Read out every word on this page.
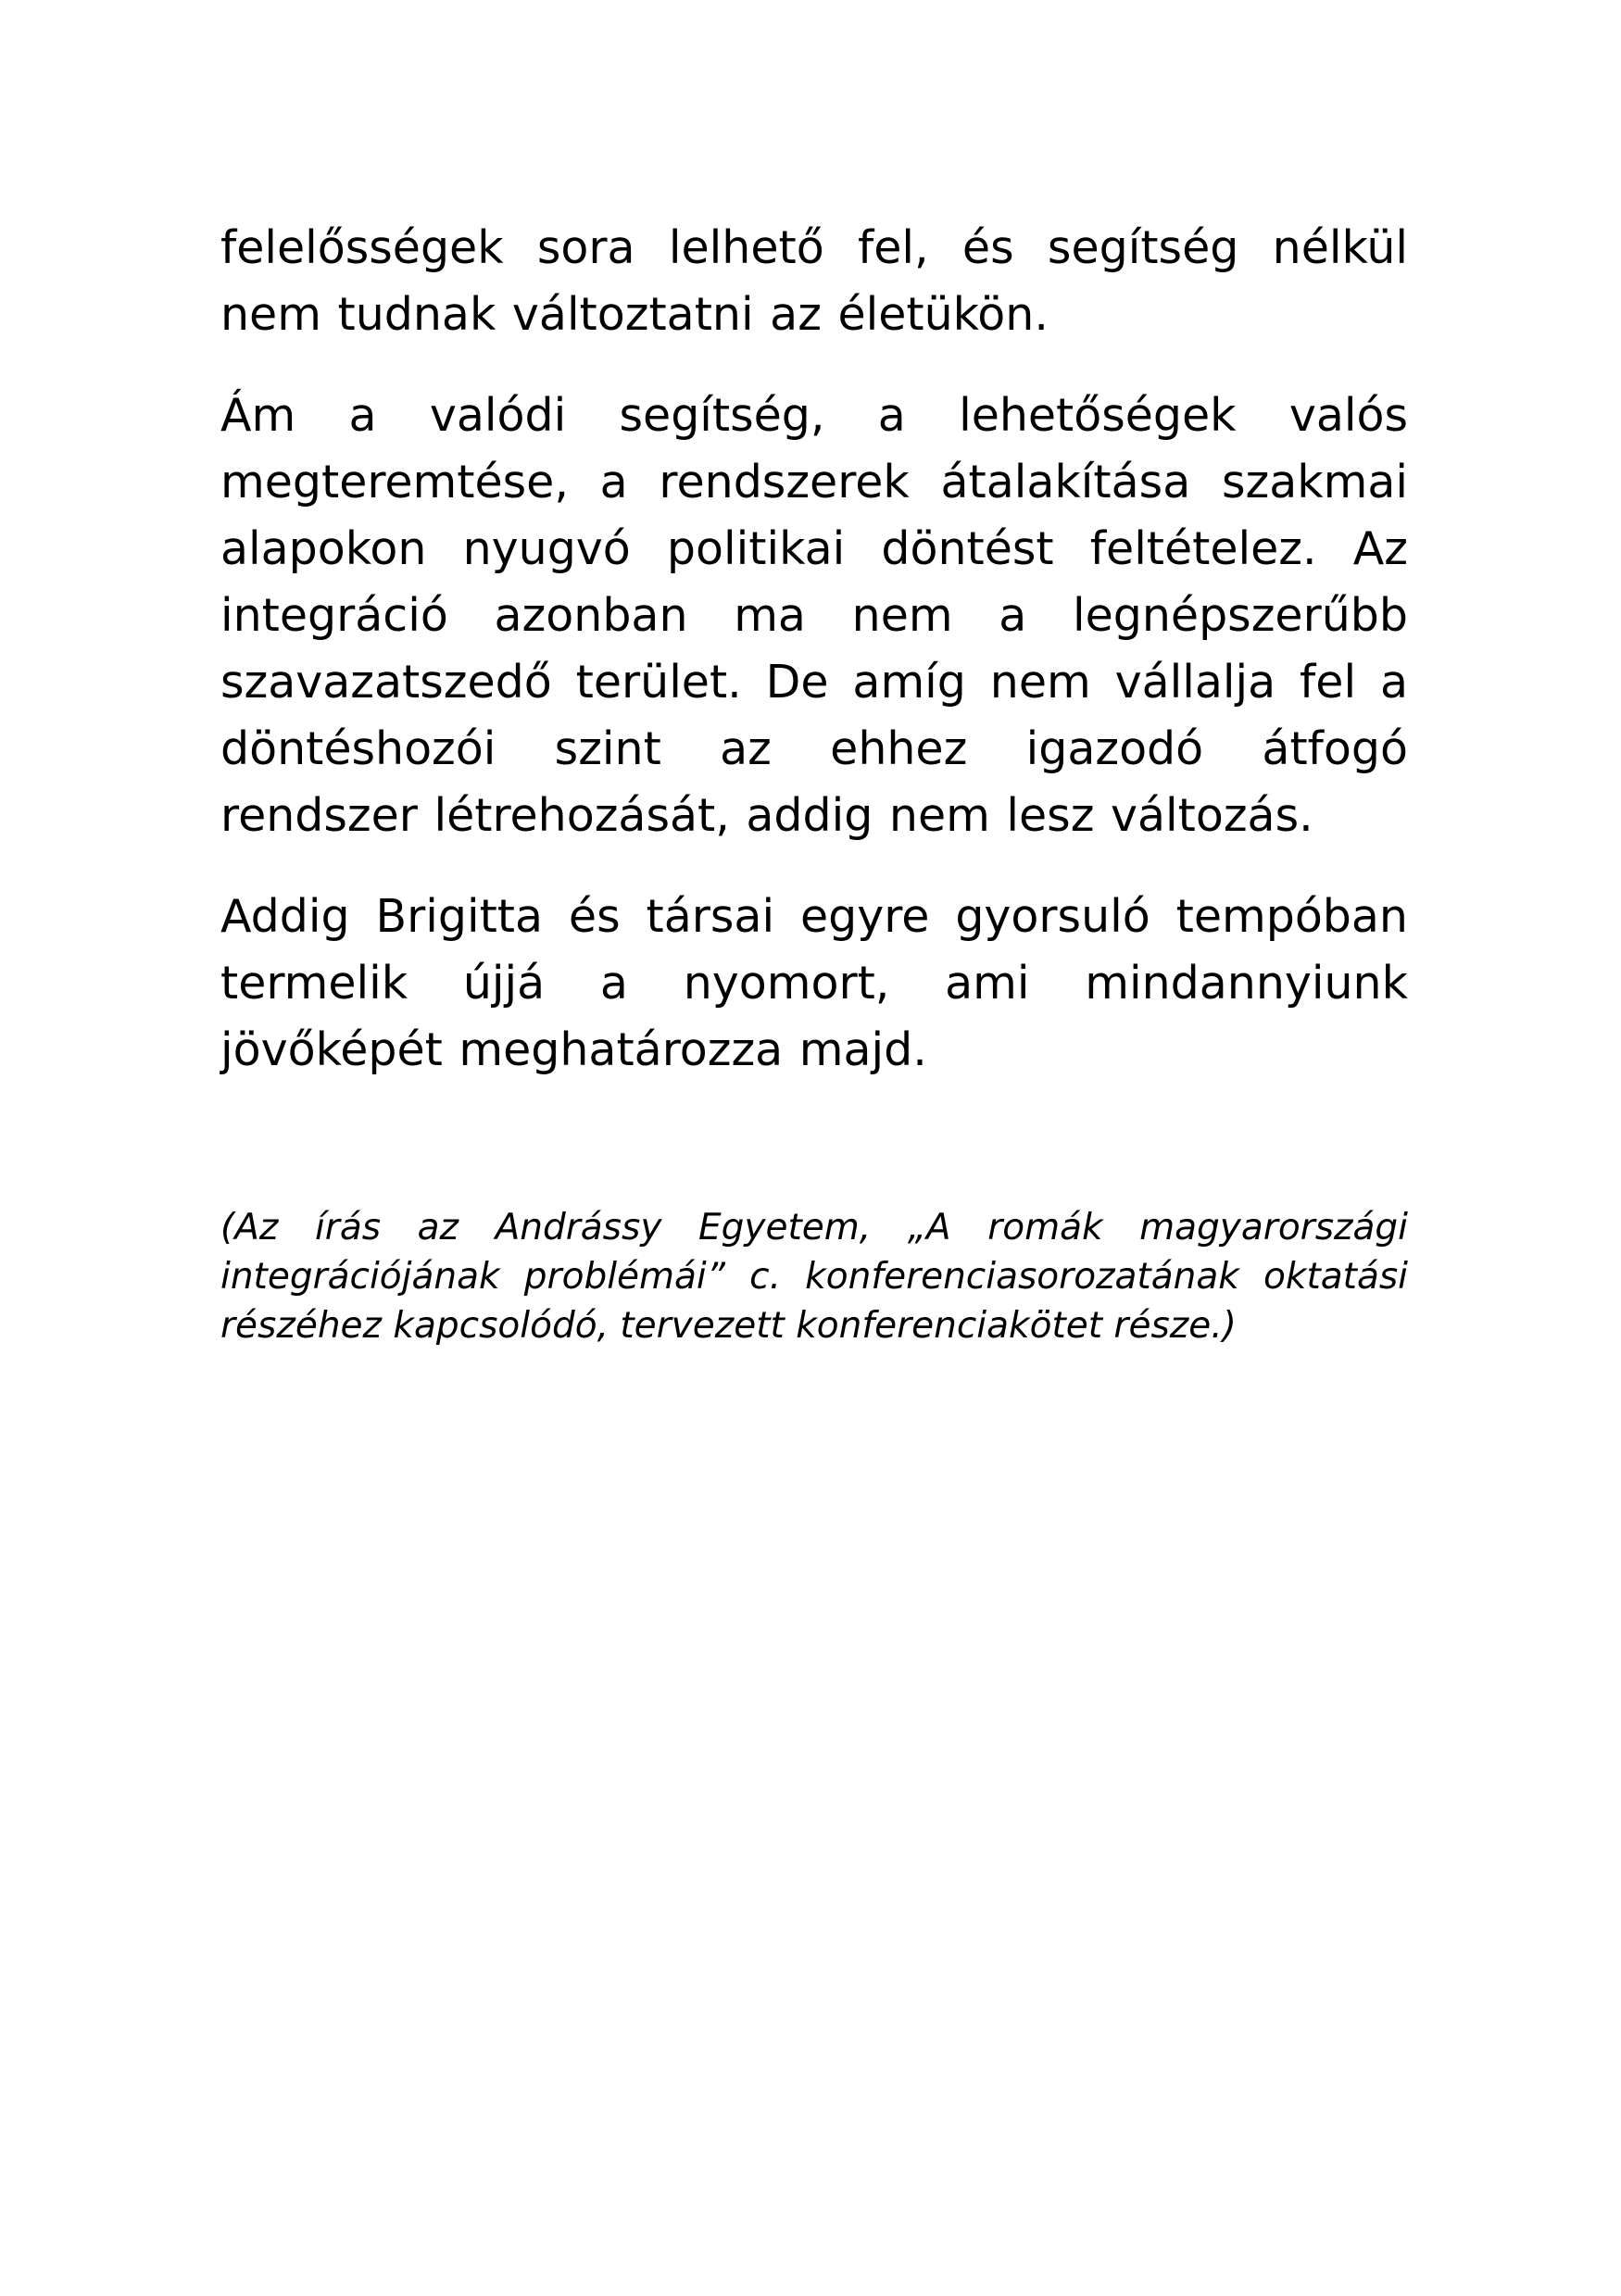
felelősségek sora lelhető fel, és segítség nélkül nem tudnak változtatni az életükön.

Ám a valódi segítség, a lehetőségek valós megteremtése, a rendszerek átalakítása szakmai alapokon nyugvó politikai döntést feltételez. Az integráció azonban ma nem a legnépszerűbb szavazatszedő terület. De amíg nem vállalja fel a döntéshozói szint az ehhez igazodó átfogó rendszer létrehozását, addig nem lesz változás.

Addig Brigitta és társai egyre gyorsuló tempóban termelik újjá a nyomort, ami mindannyiunk jövőképét meghatározza majd.

(Az írás az Andrássy Egyetem, „A romák magyarországi integrációjának problémái” c. konferenciasorozatának oktatási részéhez kapcsolódó, tervezett konferenciakötet része.)
